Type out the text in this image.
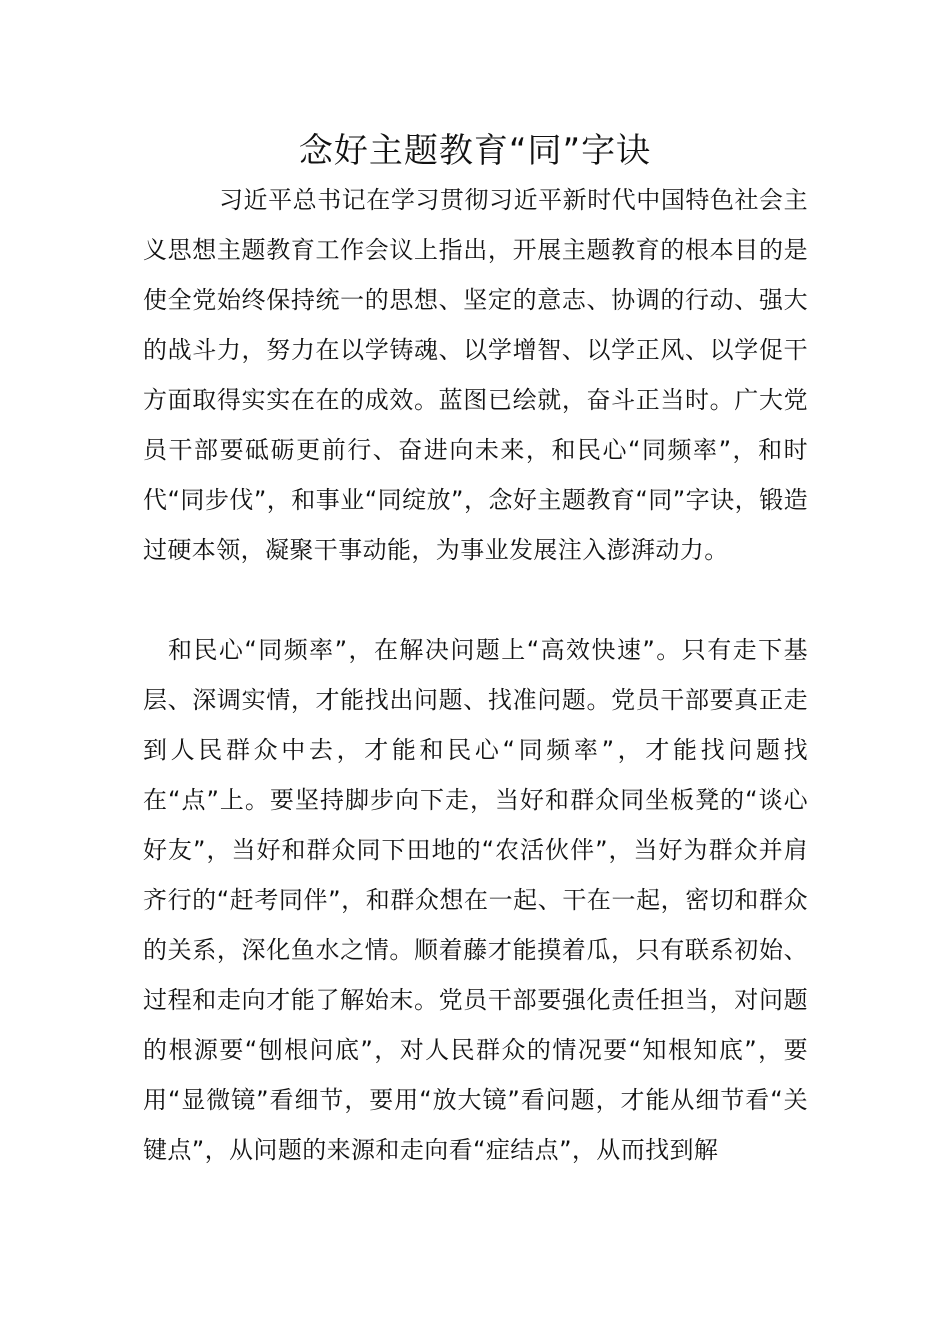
念好主题教育“同”字诀

习近平总书记在学习贯彻习近平新时代中国特色社会主义思想主题教育工作会议上指出，开展主题教育的根本目的是使全党始终保持统一的思想、坚定的意志、协调的行动、强大的战斗力，努力在以学铸魂、以学增智、以学正风、以学促干方面取得实实在在的成效。蓝图已绘就，奋斗正当时。广大党员干部要砥砺更前行、奋进向未来，和民心“同频率”，和时代“同步伐”，和事业“同绽放”，念好主题教育“同”字诀，锻造过硬本领，凝聚干事动能，为事业发展注入澎湃动力。

和民心“同频率”，在解决问题上“高效快速”。只有走下基层、深调实情，才能找出问题、找准问题。党员干部要真正走到人民群众中去，才能和民心“同频率”，才能找问题找在“点”上。要坚持脚步向下走，当好和群众同坐板凳的“谈心好友”，当好和群众同下田地的“农活伙伴”，当好为群众并肩齐行的“赶考同伴”，和群众想在一起、干在一起，密切和群众的关系，深化鱼水之情。顺着藤才能摸着瓜，只有联系初始、过程和走向才能了解始末。党员干部要强化责任担当，对问题的根源要“刨根问底”，对人民群众的情况要“知根知底”，要用“显微镜”看细节，要用“放大镜”看问题，才能从细节看“关键点”，从问题的来源和走向看“症结点”，从而找到解
